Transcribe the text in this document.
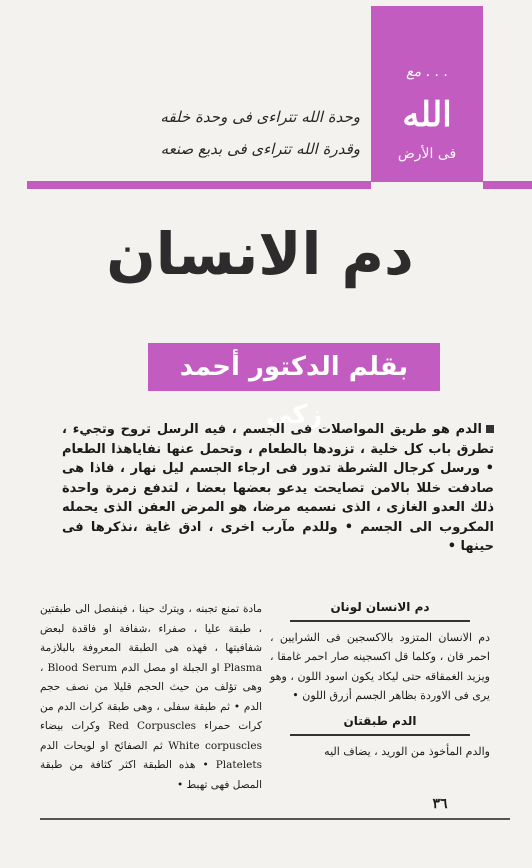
مع . . .
الله
فى الأرض
وحدة الله تتراءى فى وحدة خلقه
وقدرة الله تتراءى فى بديع صنعه
دم الانسان
بقلم الدكتور أحمد زكى
الدم هو طريق المواصلات فى الجسم ، فيه الرسل تروح وتجيء ، تطرق باب كل خلية ، تزودها بالطعام ، وتحمل عنها نفاياهذا الطعام • ورسل كرجال الشرطة تدور فى ارجاء الجسم ليل نهار ، فاذا هى صادفت خللا بالامن تصايحت يدعو بعضها بعضا ، لتدفع زمرة واحدة ذلك العدو الغازى ، الذى نسميه مرضا، هو المرض العفن الذى يحمله المكروب الى الجسم • وللدم مآرب اخرى ، ادق غاية ،نذكرها فى حينها •
دم الانسان لونان

دم الانسان المتزود بالاكسجين فى الشرايين ، احمر قان ، وكلما قل اكسجينه صار احمر غامقا ، ويزيد الغمقاقه حتى ليكاد يكون اسود اللون ، وهو يرى فى الاوردة بظاهر الجسم أزرق اللون •

الدم طبقتان

والدم المأخوذ من الوريد ، يضاف اليه

مادة تمنع تجبنه ، ويترك حينا ، فينفصل الى طبقتين ، طبقة عليا ، صفراء ،شفافة او فاقدة لبعض شفافيتها ، فهذه هى الطبقة المعروفة بالبلازمة Plasma او الجبلة او مصل الدم Blood Serum ، وهى تؤلف من حيث الحجم قليلا من نصف حجم الدم • ثم طبقة سفلى ، وهى طبقة كرات الدم من كرات حمراء Red Corpuscles وكرات بيضاء White corpuscles ثم الصفائح او لويحات الدم Platelets • هذه الطبقة اكثر كثافة من طبقة المصل فهى تهبط •

٣٦
